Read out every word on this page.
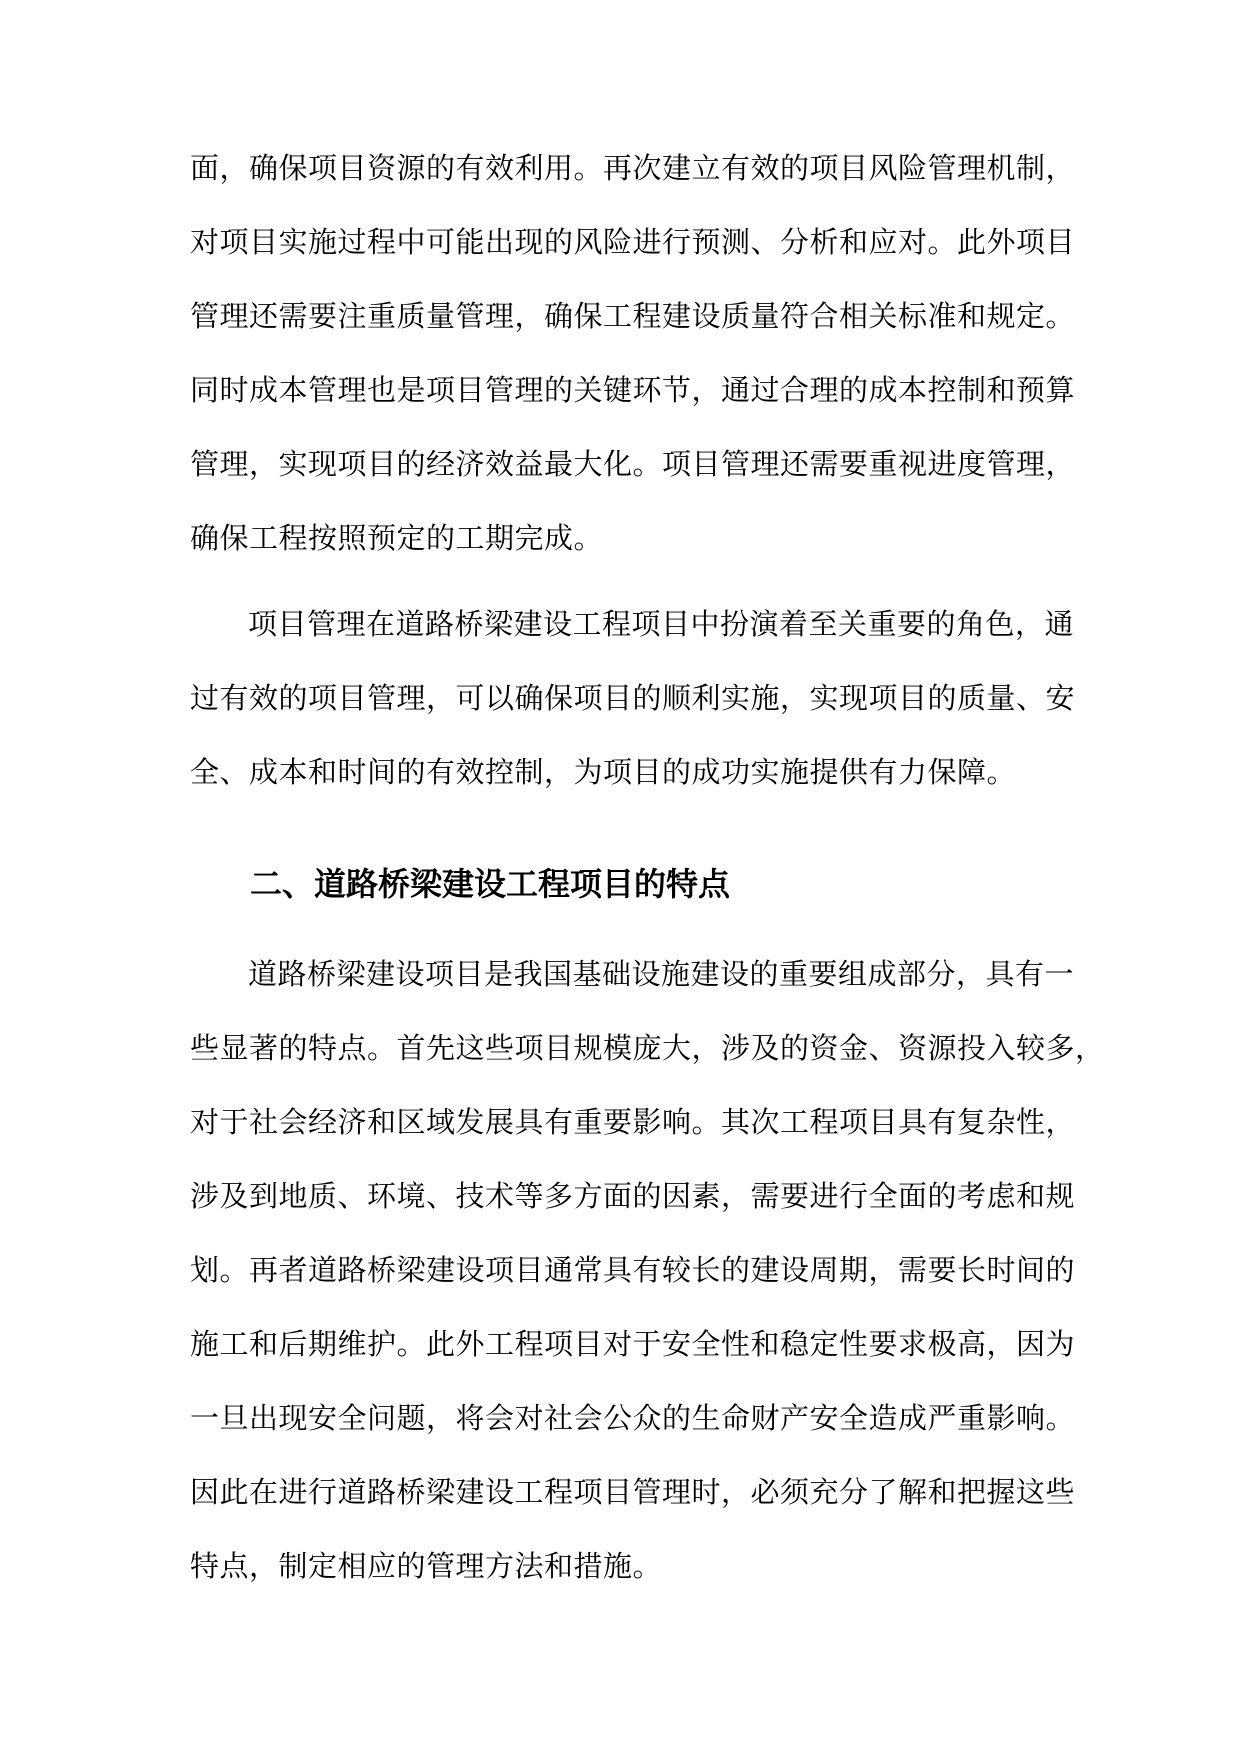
面，确保项目资源的有效利用。再次建立有效的项目风险管理机制，
对项目实施过程中可能出现的风险进行预测、分析和应对。此外项目
管理还需要注重质量管理，确保工程建设质量符合相关标准和规定。
同时成本管理也是项目管理的关键环节，通过合理的成本控制和预算
管理，实现项目的经济效益最大化。项目管理还需要重视进度管理，
确保工程按照预定的工期完成。
项目管理在道路桥梁建设工程项目中扮演着至关重要的角色，通
过有效的项目管理，可以确保项目的顺利实施，实现项目的质量、安
全、成本和时间的有效控制，为项目的成功实施提供有力保障。
二、道路桥梁建设工程项目的特点
道路桥梁建设项目是我国基础设施建设的重要组成部分，具有一
些显著的特点。首先这些项目规模庞大，涉及的资金、资源投入较多，
对于社会经济和区域发展具有重要影响。其次工程项目具有复杂性，
涉及到地质、环境、技术等多方面的因素，需要进行全面的考虑和规
划。再者道路桥梁建设项目通常具有较长的建设周期，需要长时间的
施工和后期维护。此外工程项目对于安全性和稳定性要求极高，因为
一旦出现安全问题，将会对社会公众的生命财产安全造成严重影响。
因此在进行道路桥梁建设工程项目管理时，必须充分了解和把握这些
特点，制定相应的管理方法和措施。
